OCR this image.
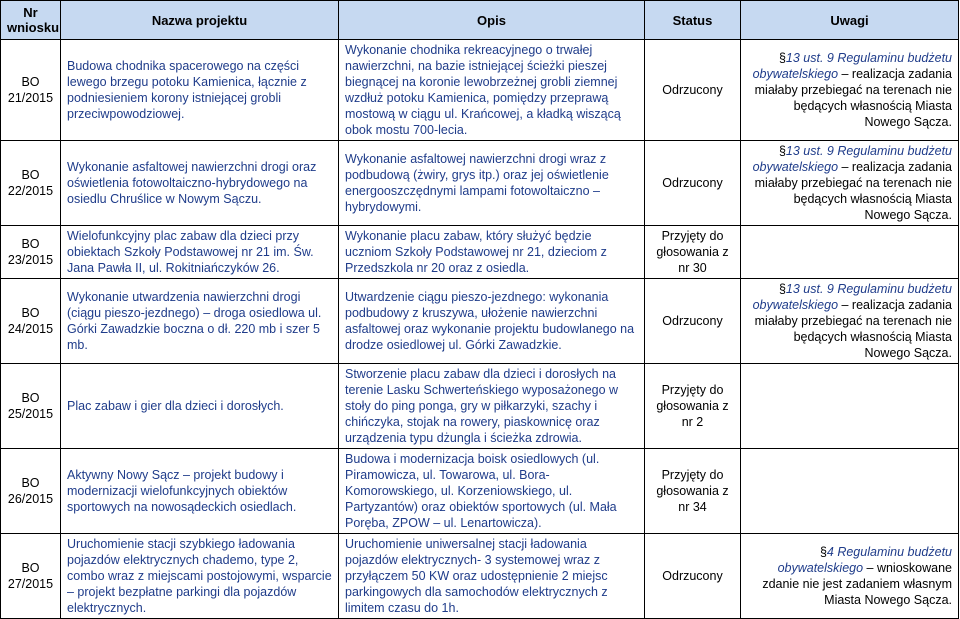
Nr wniosku	Nazwa projektu	Opis	Status	Uwagi
BO 21/2015	Budowa chodnika spacerowego na części lewego brzegu potoku Kamienica, łącznie z podniesieniem korony istniejącej grobli przeciwpowodziowej.	Wykonanie chodnika rekreacyjnego o trwałej nawierzchni, na bazie istniejącej ścieżki pieszej biegnącej na koronie lewobrzeżnej grobli ziemnej wzdłuż potoku Kamienica, pomiędzy przeprawą mostową w ciągu ul. Krańcowej, a kładką wiszącą obok mostu 700-lecia.	Odrzucony	§13 ust. 9 Regulaminu budżetu obywatelskiego – realizacja zadania miałaby przebiegać na terenach nie będących własnością Miasta Nowego Sącza.
BO 22/2015	Wykonanie asfaltowej nawierzchni drogi oraz oświetlenia fotowoltaiczno-hybrydowego na osiedlu Chruślice w Nowym Sączu.	Wykonanie asfaltowej nawierzchni drogi wraz z podbudową (żwiry, grys itp.) oraz jej oświetlenie energooszczędnymi lampami fotowoltaiczno – hybrydowymi.	Odrzucony	§13 ust. 9 Regulaminu budżetu obywatelskiego – realizacja zadania miałaby przebiegać na terenach nie będących własnością Miasta Nowego Sącza.
BO 23/2015	Wielofunkcyjny plac zabaw dla dzieci przy obiektach Szkoły Podstawowej nr 21 im. Św. Jana Pawła II, ul. Rokitniańczyków 26.	Wykonanie placu zabaw, który służyć będzie uczniom Szkoły Podstawowej nr 21, dzieciom z Przedszkola nr 20 oraz z osiedla.	Przyjęty do głosowania z nr 30	
BO 24/2015	Wykonanie utwardzenia nawierzchni drogi (ciągu pieszo-jezdnego) – droga osiedlowa ul. Górki Zawadzkie boczna o dł. 220 mb i szer 5 mb.	Utwardzenie ciągu pieszo-jezdnego: wykonania podbudowy z kruszywa, ułożenie nawierzchni asfaltowej oraz wykonanie projektu budowlanego na drodze osiedlowej ul. Górki Zawadzkie.	Odrzucony	§13 ust. 9 Regulaminu budżetu obywatelskiego – realizacja zadania miałaby przebiegać na terenach nie będących własnością Miasta Nowego Sącza.
BO 25/2015	Plac zabaw i gier dla dzieci i dorosłych.	Stworzenie placu zabaw dla dzieci i dorosłych na terenie Lasku Schwerteńskiego wyposażonego w stoły do ping ponga, gry w piłkarzyki, szachy i chińczyka, stojak na rowery, piaskownicę oraz urządzenia typu dżungla i ścieżka zdrowia.	Przyjęty do głosowania z nr 2	
BO 26/2015	Aktywny Nowy Sącz – projekt budowy i modernizacji wielofunkcyjnych obiektów sportowych na nowosądeckich osiedlach.	Budowa i modernizacja boisk osiedlowych (ul. Piramowicza, ul. Towarowa, ul. Bora-Komorowskiego, ul. Korzeniowskiego, ul. Partyzantów) oraz obiektów sportowych (ul. Mała Poręba, ZPOW – ul. Lenartowicza).	Przyjęty do głosowania z nr 34	
BO 27/2015	Uruchomienie stacji szybkiego ładowania pojazdów elektrycznych chademo, type 2, combo wraz z miejscami postojowymi, wsparcie – projekt bezpłatne parkingi dla pojazdów elektrycznych.	Uruchomienie uniwersalnej stacji ładowania pojazdów elektrycznych- 3 systemowej wraz z przyłączem 50 KW oraz udostępnienie 2 miejsc parkingowych dla samochodów elektrycznych z limitem czasu do 1h.	Odrzucony	§4 Regulaminu budżetu obywatelskiego – wnioskowane zdanie nie jest zadaniem własnym Miasta Nowego Sącza.
